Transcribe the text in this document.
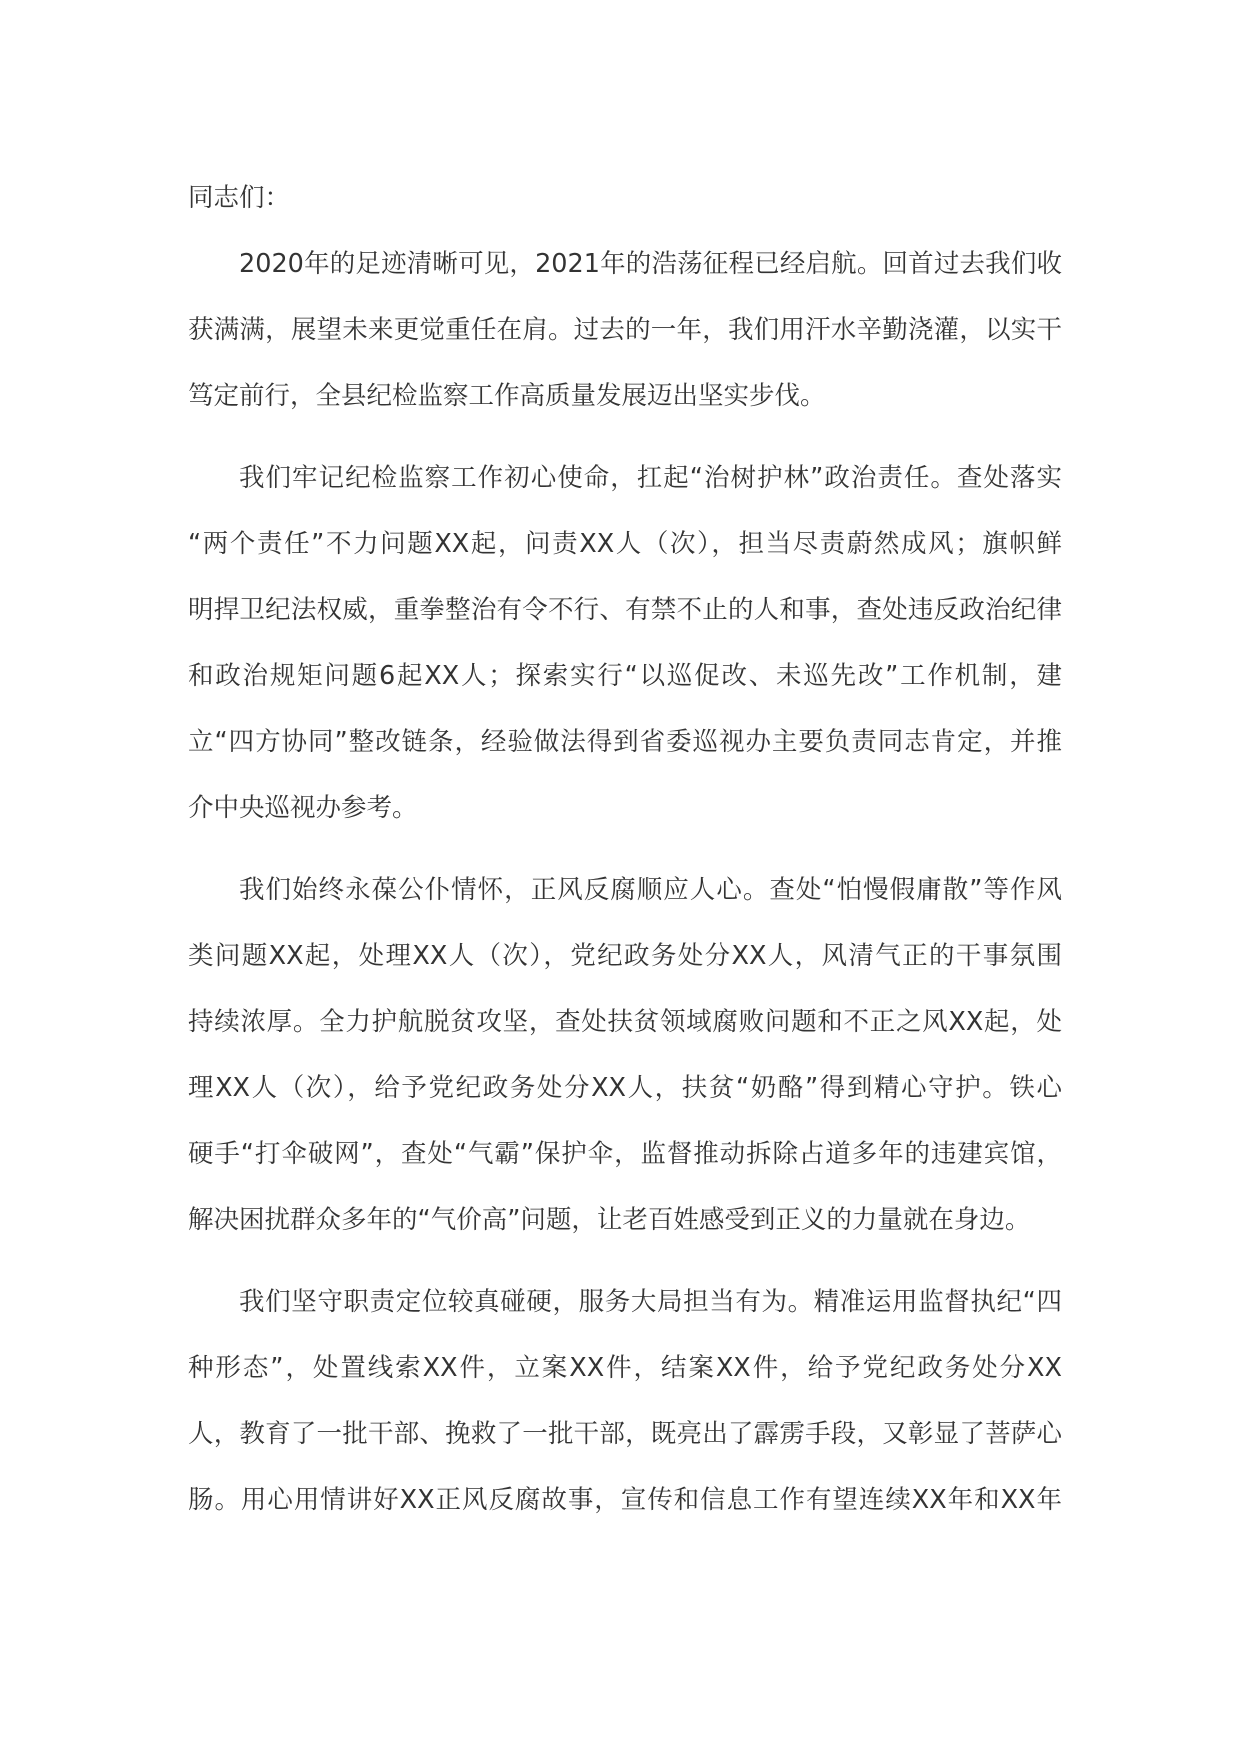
同志们：
2020年的足迹清晰可见，2021年的浩荡征程已经启航。回首过去我们收
获满满，展望未来更觉重任在肩。过去的一年，我们用汗水辛勤浇灌，以实干
笃定前行，全县纪检监察工作高质量发展迈出坚实步伐。
我们牢记纪检监察工作初心使命，扛起“治树护林”政治责任。查处落实
“两个责任”不力问题XX起，问责XX人（次），担当尽责蔚然成风；旗帜鲜
明捍卫纪法权威，重拳整治有令不行、有禁不止的人和事，查处违反政治纪律
和政治规矩问题6起XX人；探索实行“以巡促改、未巡先改”工作机制，建
立“四方协同”整改链条，经验做法得到省委巡视办主要负责同志肯定，并推
介中央巡视办参考。
我们始终永葆公仆情怀，正风反腐顺应人心。查处“怕慢假庸散”等作风
类问题XX起，处理XX人（次），党纪政务处分XX人，风清气正的干事氛围
持续浓厚。全力护航脱贫攻坚，查处扶贫领域腐败问题和不正之风XX起，处
理XX人（次），给予党纪政务处分XX人，扶贫“奶酪”得到精心守护。铁心
硬手“打伞破网”，查处“气霸”保护伞，监督推动拆除占道多年的违建宾馆，
解决困扰群众多年的“气价高”问题，让老百姓感受到正义的力量就在身边。
我们坚守职责定位较真碰硬，服务大局担当有为。精准运用监督执纪“四
种形态”，处置线索XX件，立案XX件，结案XX件，给予党纪政务处分XX
人，教育了一批干部、挽救了一批干部，既亮出了霹雳手段，又彰显了菩萨心
肠。用心用情讲好XX正风反腐故事，宣传和信息工作有望连续XX年和XX年
